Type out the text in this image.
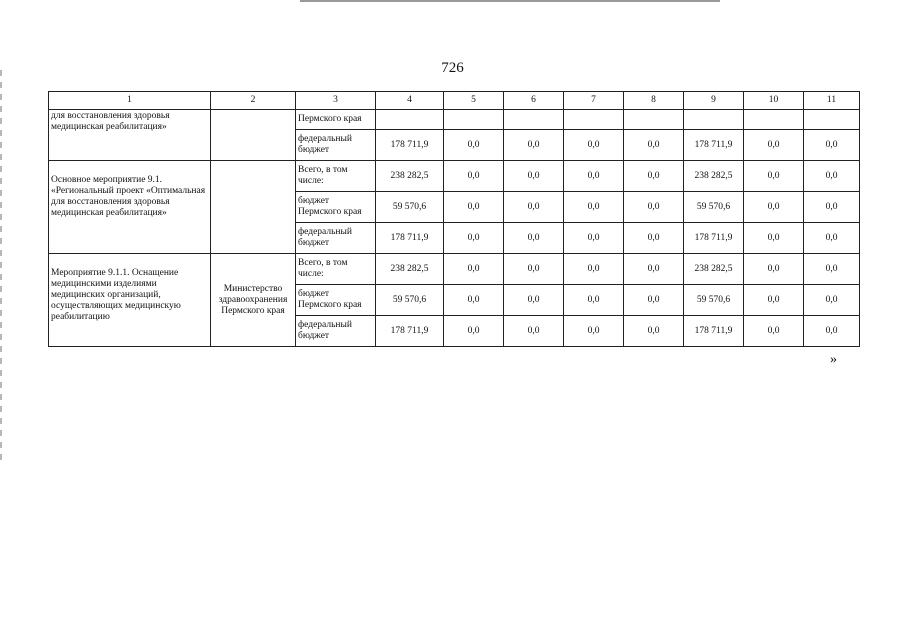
726
1	2	3	4	5	6	7	8	9	10	11
для восстановления здоровья медицинская реабилитация»		Пермского края								
		федеральный бюджет	178 711,9	0,0	0,0	0,0	0,0	178 711,9	0,0	0,0
Основное мероприятие 9.1. «Региональный проект «Оптимальная для восстановления здоровья медицинская реабилитация»		Всего, в том числе:	238 282,5	0,0	0,0	0,0	0,0	238 282,5	0,0	0,0
		бюджет Пермского края	59 570,6	0,0	0,0	0,0	0,0	59 570,6	0,0	0,0
		федеральный бюджет	178 711,9	0,0	0,0	0,0	0,0	178 711,9	0,0	0,0
Мероприятие 9.1.1. Оснащение медицинскими изделиями медицинских организаций, осуществляющих медицинскую реабилитацию	Министерство здравоохранения Пермского края	Всего, в том числе:	238 282,5	0,0	0,0	0,0	0,0	238 282,5	0,0	0,0
		бюджет Пермского края	59 570,6	0,0	0,0	0,0	0,0	59 570,6	0,0	0,0
		федеральный бюджет	178 711,9	0,0	0,0	0,0	0,0	178 711,9	0,0	0,0
»
